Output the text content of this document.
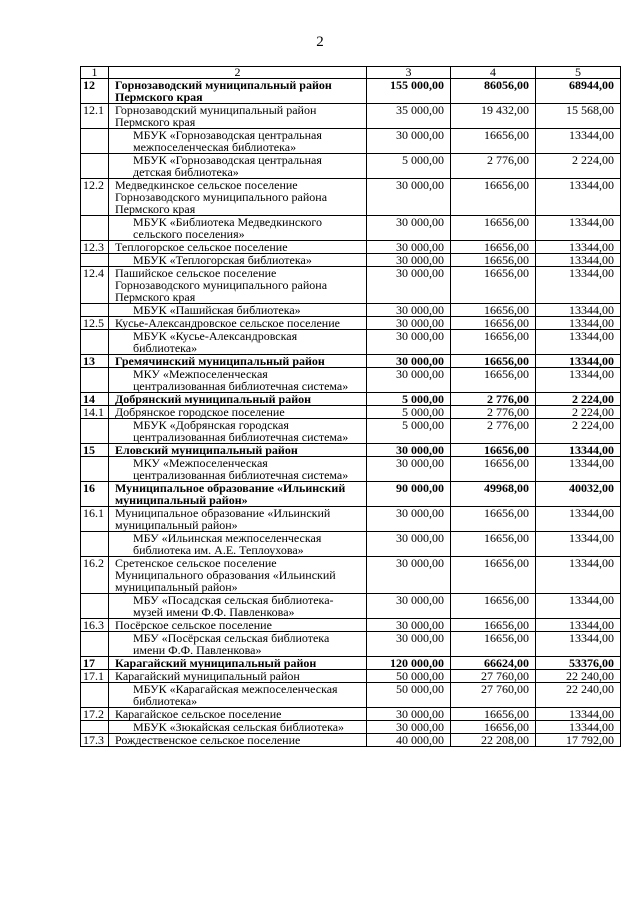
2
1	2	3	4	5
12	Горнозаводский муниципальный район Пермского края	155 000,00	86056,00	68944,00
12.1	Горнозаводский муниципальный район Пермского края	35 000,00	19 432,00	15 568,00
	МБУК «Горнозаводская центральная межпоселенческая библиотека»	30 000,00	16656,00	13344,00
	МБУК «Горнозаводская центральная детская библиотека»	5 000,00	2 776,00	2 224,00
12.2	Медведкинское сельское поселение Горнозаводского муниципального района Пермского края	30 000,00	16656,00	13344,00
	МБУК «Библиотека Медведкинского сельского поселения»	30 000,00	16656,00	13344,00
12.3	Теплогорское сельское поселение	30 000,00	16656,00	13344,00
	МБУК «Теплогорская библиотека»	30 000,00	16656,00	13344,00
12.4	Пашийское сельское поселение Горнозаводского муниципального района Пермского края	30 000,00	16656,00	13344,00
	МБУК «Пашийская библиотека»	30 000,00	16656,00	13344,00
12.5	Кусье-Александровское сельское поселение	30 000,00	16656,00	13344,00
	МБУК «Кусье-Александровская библиотека»	30 000,00	16656,00	13344,00
13	Гремячинский муниципальный район	30 000,00	16656,00	13344,00
	МКУ «Межпоселенческая централизованная библиотечная система»	30 000,00	16656,00	13344,00
14	Добрянский муниципальный район	5 000,00	2 776,00	2 224,00
14.1	Добрянское городское поселение	5 000,00	2 776,00	2 224,00
	МБУК «Добрянская городская централизованная библиотечная система»	5 000,00	2 776,00	2 224,00
15	Еловский муниципальный район	30 000,00	16656,00	13344,00
	МКУ «Межпоселенческая централизованная библиотечная система»	30 000,00	16656,00	13344,00
16	Муниципальное образование «Ильинский муниципальный район»	90 000,00	49968,00	40032,00
16.1	Муниципальное образование «Ильинский муниципальный район»	30 000,00	16656,00	13344,00
	МБУ «Ильинская межпоселенческая библиотека им. А.Е. Теплоухова»	30 000,00	16656,00	13344,00
16.2	Сретенское сельское поселение Муниципального образования «Ильинский муниципальный район»	30 000,00	16656,00	13344,00
	МБУ «Посадская сельская библиотека-музей имени Ф.Ф. Павленкова»	30 000,00	16656,00	13344,00
16.3	Посёрское сельское поселение	30 000,00	16656,00	13344,00
	МБУ «Посёрская сельская библиотека имени Ф.Ф. Павленкова»	30 000,00	16656,00	13344,00
17	Карагайский муниципальный район	120 000,00	66624,00	53376,00
17.1	Карагайский муниципальный район	50 000,00	27 760,00	22 240,00
	МБУК «Карагайская межпоселенческая библиотека»	50 000,00	27 760,00	22 240,00
17.2	Карагайское сельское поселение	30 000,00	16656,00	13344,00
	МБУК «Зюкайская сельская библиотека»	30 000,00	16656,00	13344,00
17.3	Рождественское сельское поселение	40 000,00	22 208,00	17 792,00
